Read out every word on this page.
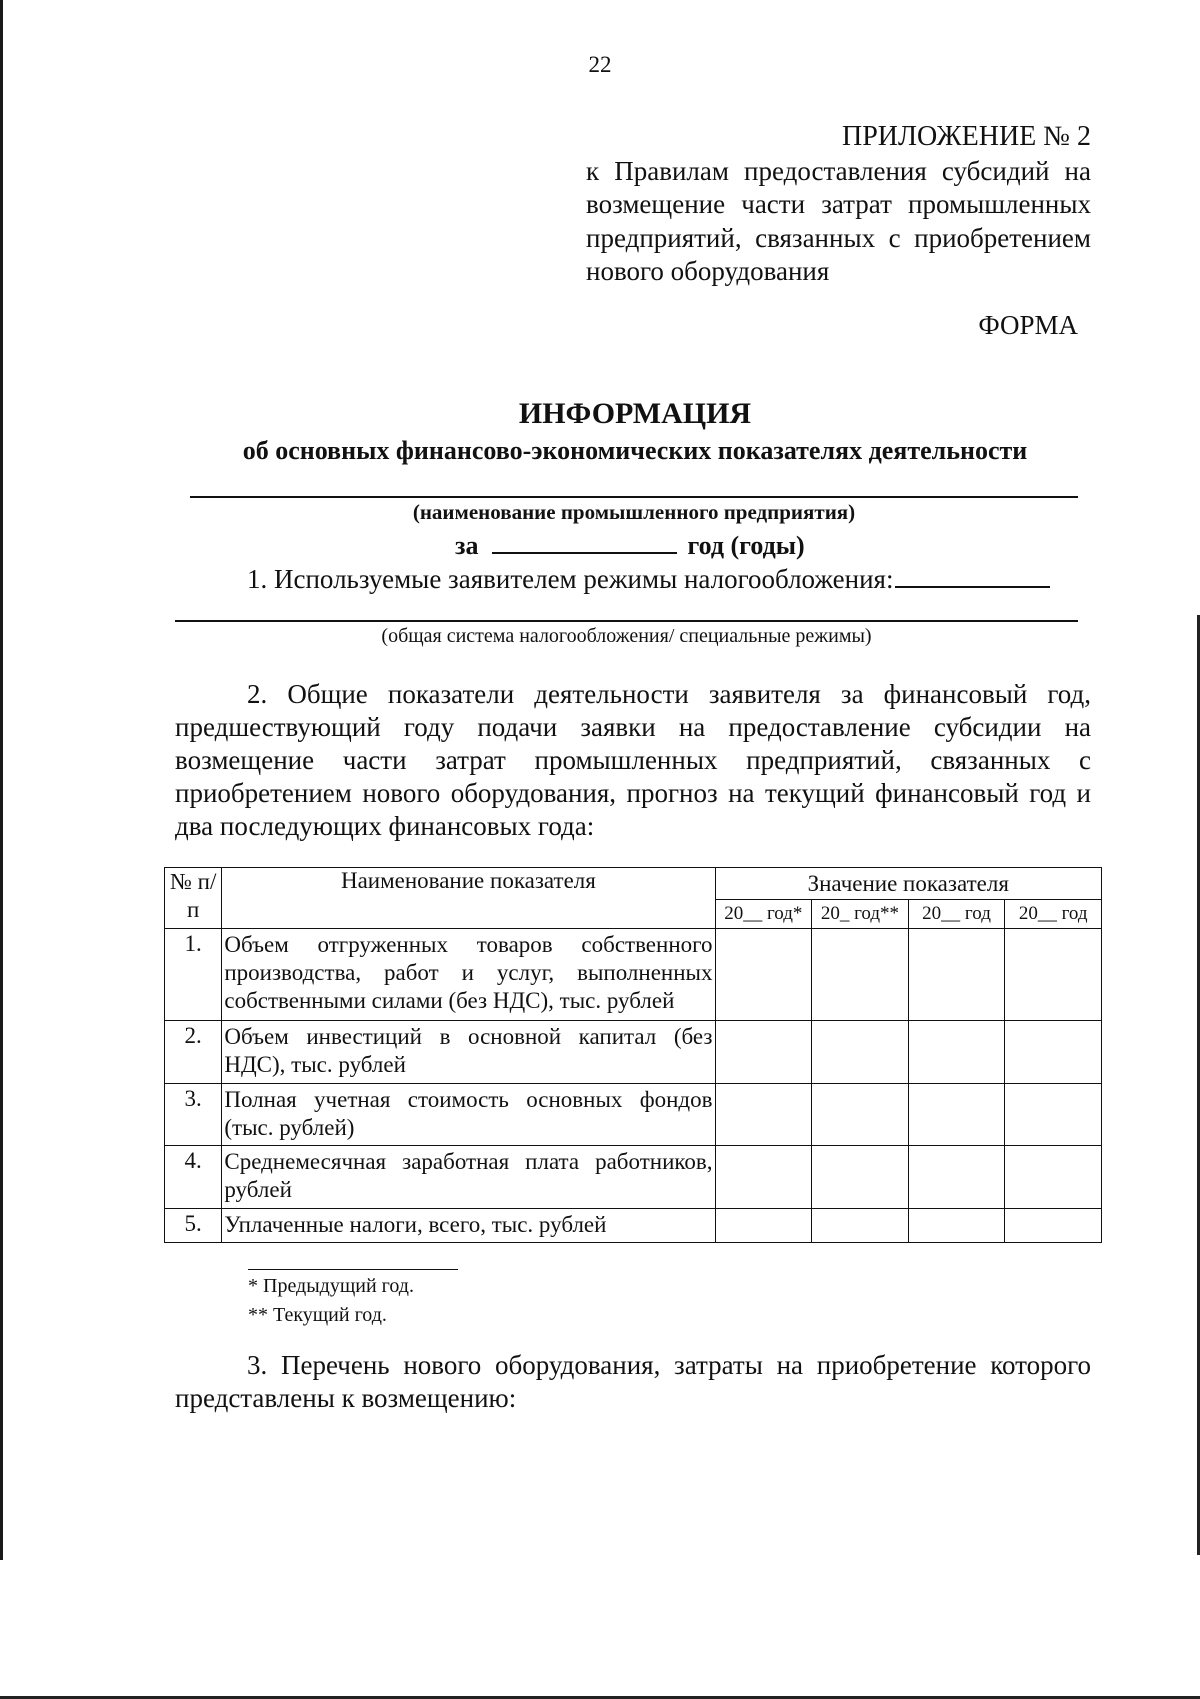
22
ПРИЛОЖЕНИЕ № 2
к Правилам предоставления субсидий на возмещение части затрат промышленных предприятий, связанных с приобретением нового оборудования
ФОРМА
ИНФОРМАЦИЯ
об основных финансово-экономических показателях деятельности
(наименование промышленного предприятия)
за	год (годы)
1. Используемые заявителем режимы налогообложения:
(общая система налогообложения/ специальные режимы)
2. Общие показатели деятельности заявителя за финансовый год, предшествующий году подачи заявки на предоставление субсидии на возмещение части затрат промышленных предприятий, связанных с приобретением нового оборудования, прогноз на текущий финансовый год и два последующих финансовых года:
№ п/п	Наименование показателя	Значение показателя			
		20__ год*	20_ год**	20__ год	20__ год
1.	Объем отгруженных товаров собственного производства, работ и услуг, выполненных собственными силами (без НДС), тыс. рублей				
2.	Объем инвестиций в основной капитал (без НДС), тыс. рублей				
3.	Полная учетная стоимость основных фондов (тыс. рублей)				
4.	Среднемесячная заработная плата работников, рублей				
5.	Уплаченные налоги, всего, тыс. рублей				
* Предыдущий год.
** Текущий год.
3. Перечень нового оборудования, затраты на приобретение которого представлены к возмещению:
